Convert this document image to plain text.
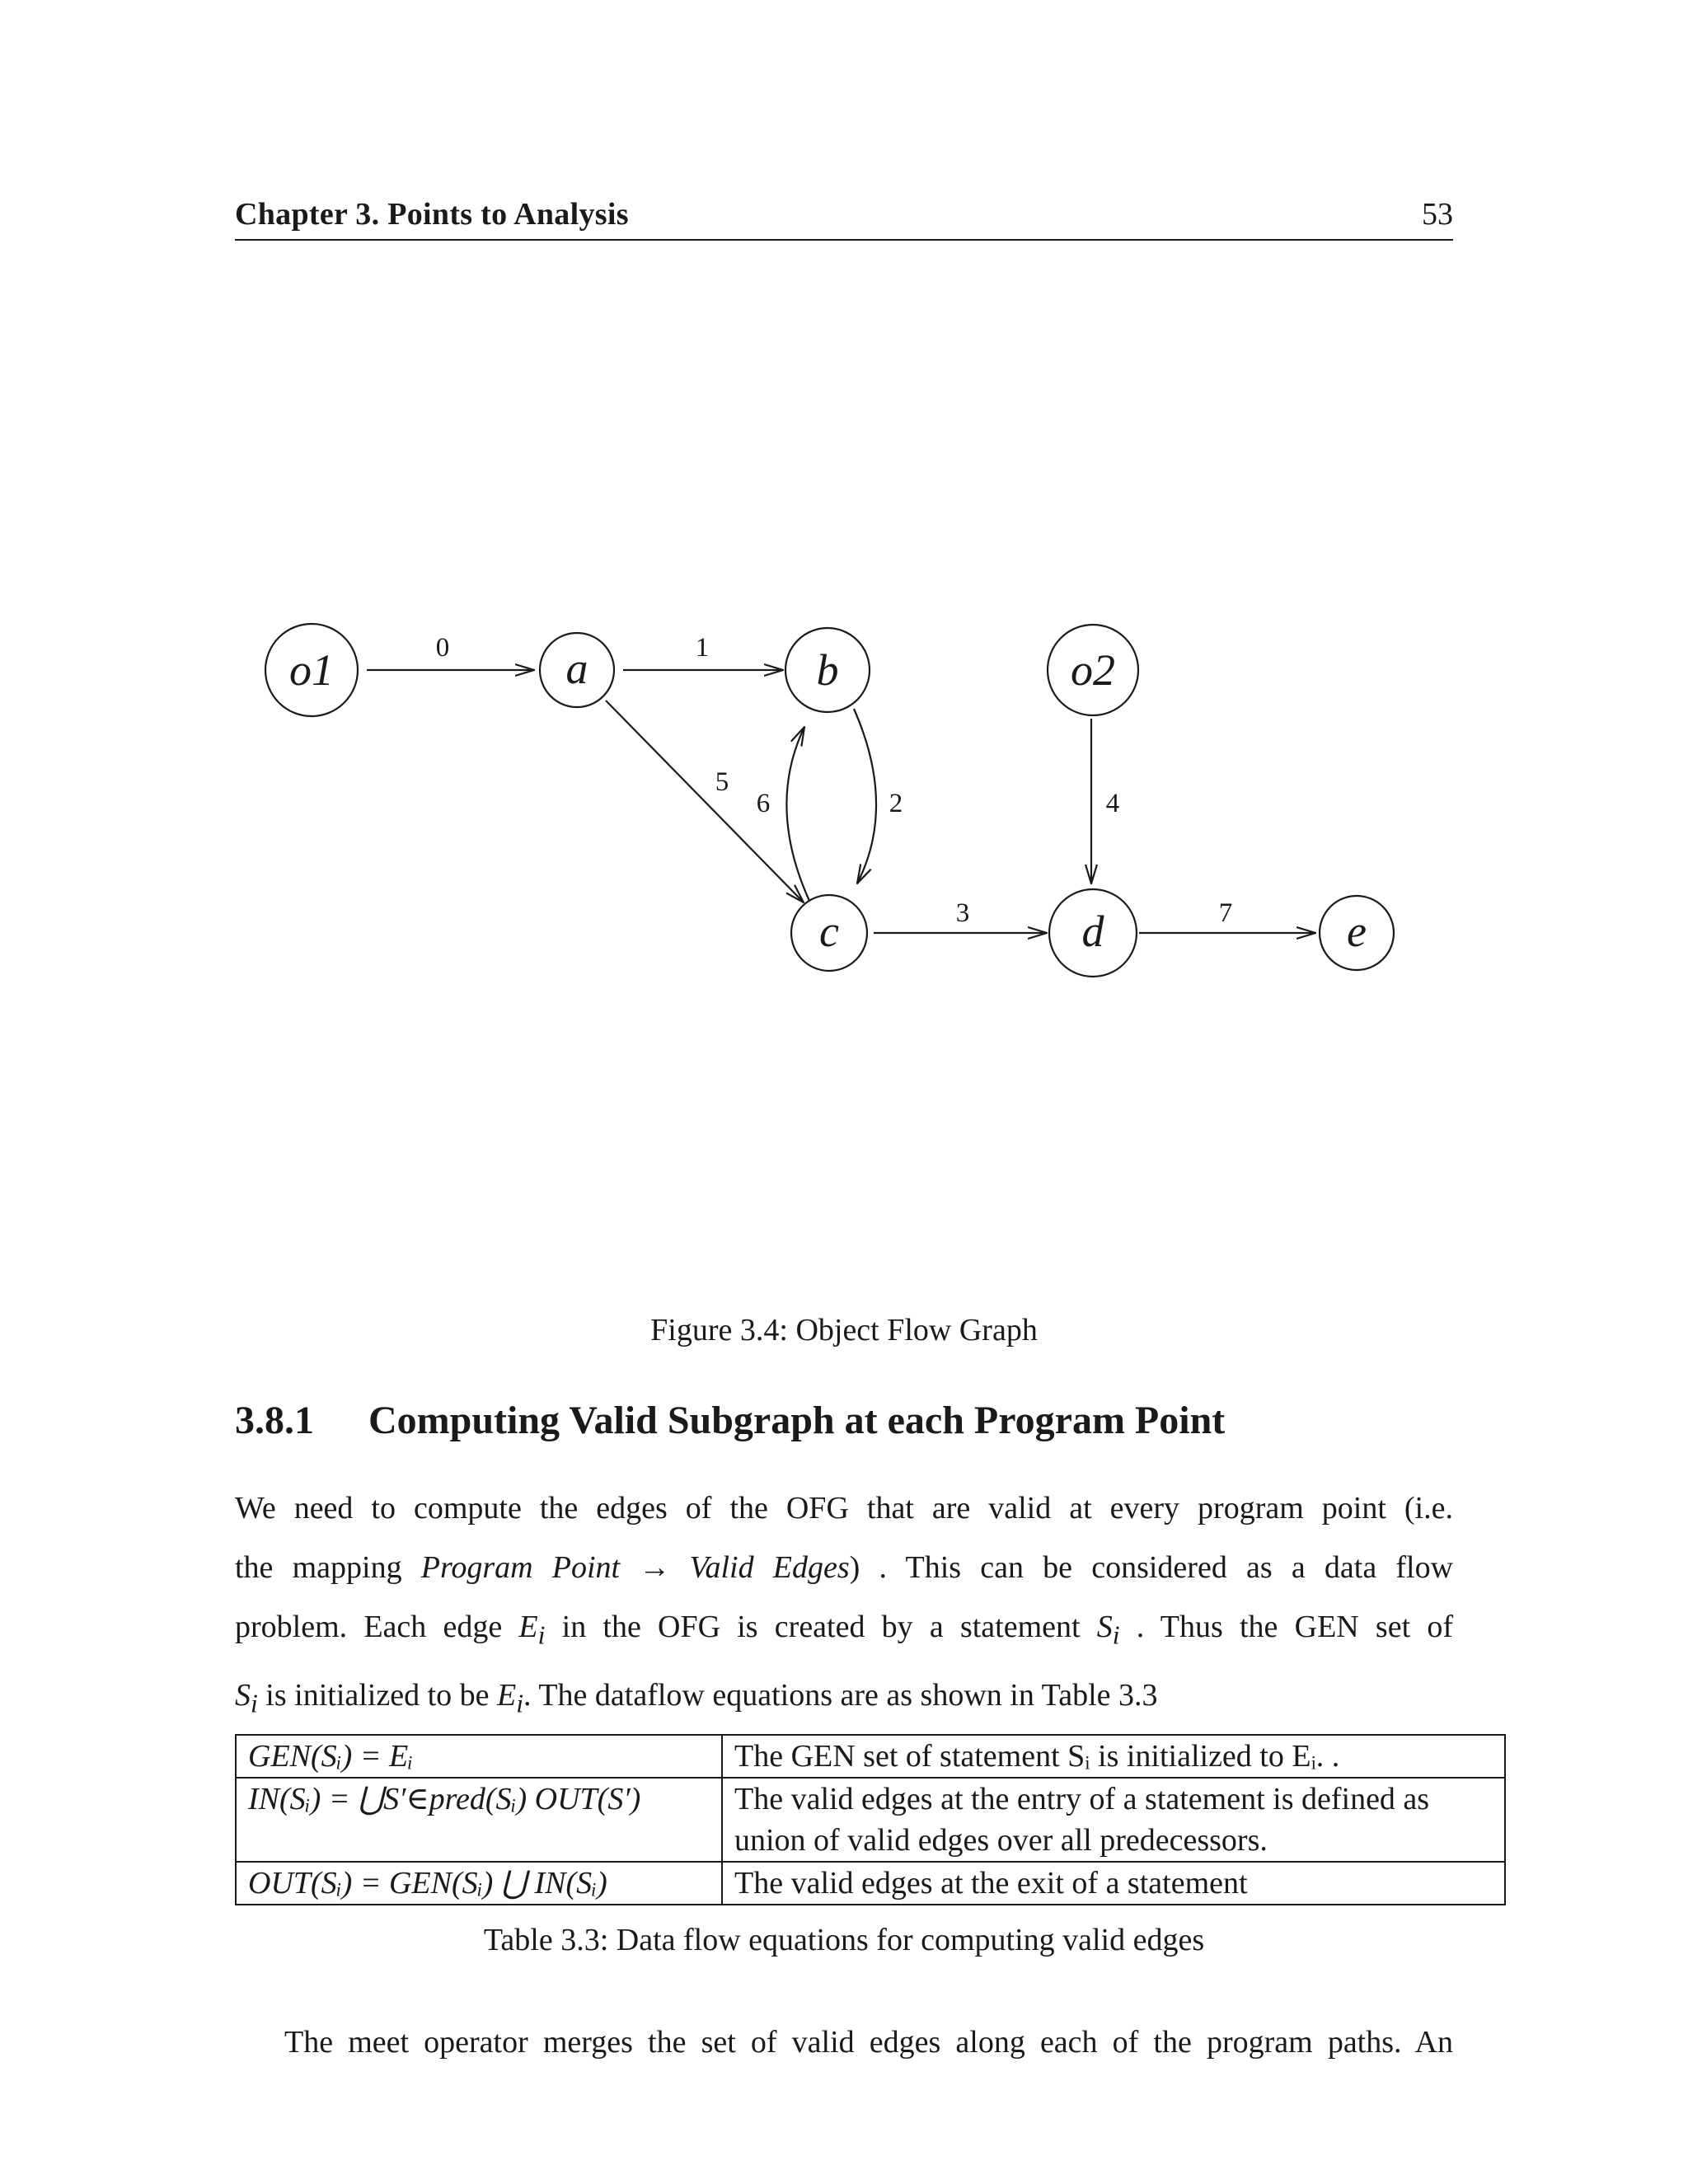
Chapter 3. Points to Analysis	53
o1	a	b	o2
c	d	e
0	1
2
3
4
5
6
7
Figure 3.4: Object Flow Graph
3.8.1	Computing Valid Subgraph at each Program Point
We need to compute the edges of the OFG that are valid at every program point (i.e.
the mapping Program Point → Valid Edges) . This can be considered as a data flow
problem. Each edge $E_i$ in the OFG is created by a statement $S_i$ . Thus the GEN set of
$S_i$ is initialized to be $E_i$. The dataflow equations are as shown in Table 3.3
GEN(Sᵢ) = Eᵢ	The GEN set of statement Sᵢ is initialized to Eᵢ. .
IN(Sᵢ) = ⋃S′∈pred(Sᵢ) OUT(S′)	The valid edges at the entry of a statement is defined as union of valid edges over all predecessors.
OUT(Sᵢ) = GEN(Sᵢ) ⋃ IN(Sᵢ)	The valid edges at the exit of a statement
Table 3.3: Data flow equations for computing valid edges
The meet operator merges the set of valid edges along each of the program paths. An
